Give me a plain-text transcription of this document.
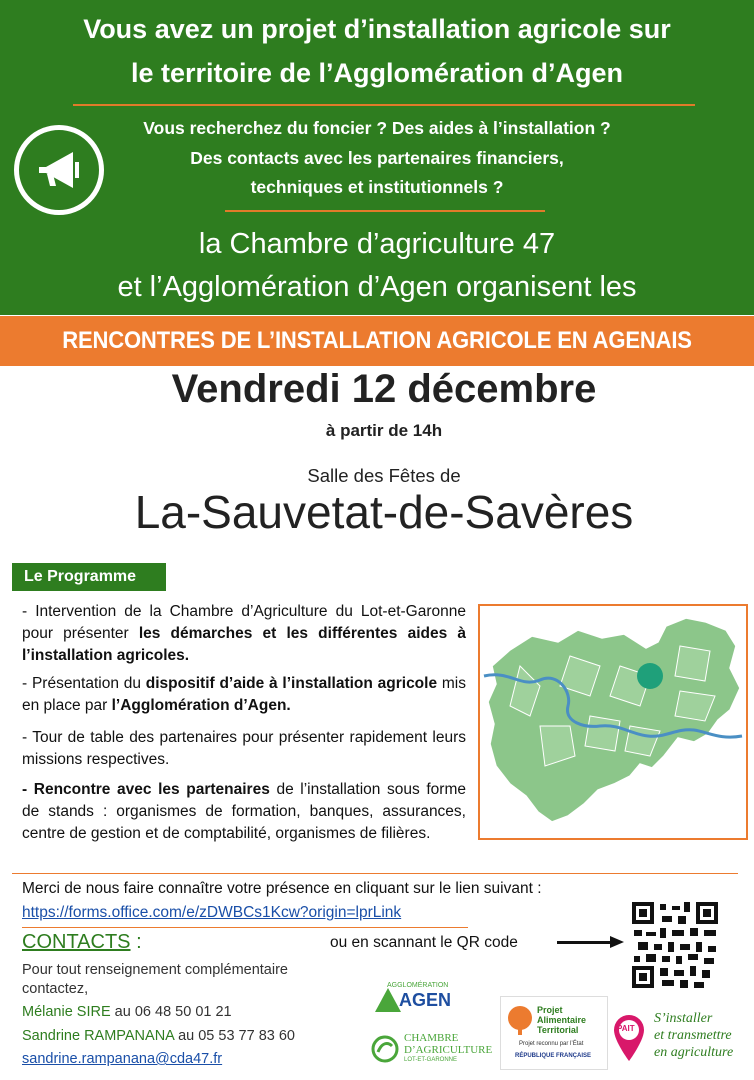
Vous avez un projet d’installation agricole sur
le territoire de l’Agglomération d’Agen
Vous recherchez du foncier ? Des aides à l’installation ?
Des contacts avec les partenaires financiers,
techniques et institutionnels ?
la Chambre d’agriculture 47
et l’Agglomération d’Agen organisent les
RENCONTRES DE L’INSTALLATION AGRICOLE EN AGENAIS
Vendredi 12 décembre
à partir de 14h
Salle des Fêtes de
La-Sauvetat-de-Savères
Le Programme
- Intervention de la Chambre d’Agriculture du Lot-et-Garonne pour présenter les démarches et les différentes aides à l’installation agricoles.
- Présentation du dispositif d’aide à l’installation agricole mis en place par l’Agglomération d’Agen.
- Tour de table des partenaires pour présenter rapidement leurs missions respectives.
- Rencontre avec les partenaires de l’installation sous forme de stands : organismes de formation, banques, assurances, centre de gestion et de comptabilité, organismes de filières.
Merci de nous faire connaître votre présence en cliquant sur le lien suivant :
https://forms.office.com/e/zDWBCs1Kcw?origin=lprLink
CONTACTS :	ou en scannant le QR code
Pour tout renseignement complémentaire
contactez,
Mélanie SIRE au 06 48 50 01 21
Sandrine RAMPANANA au 05 53 77 83 60
sandrine.rampanana@cda47.fr
AGGLOMÉRATION
AGEN
CHAMBRE
D’AGRICULTURE
LOT-ET-GARONNE
Projet
Alimentaire
Territorial
Projet reconnu par l’État
RÉPUBLIQUE FRANÇAISE
PAIT
S’installer
et transmettre
en agriculture
